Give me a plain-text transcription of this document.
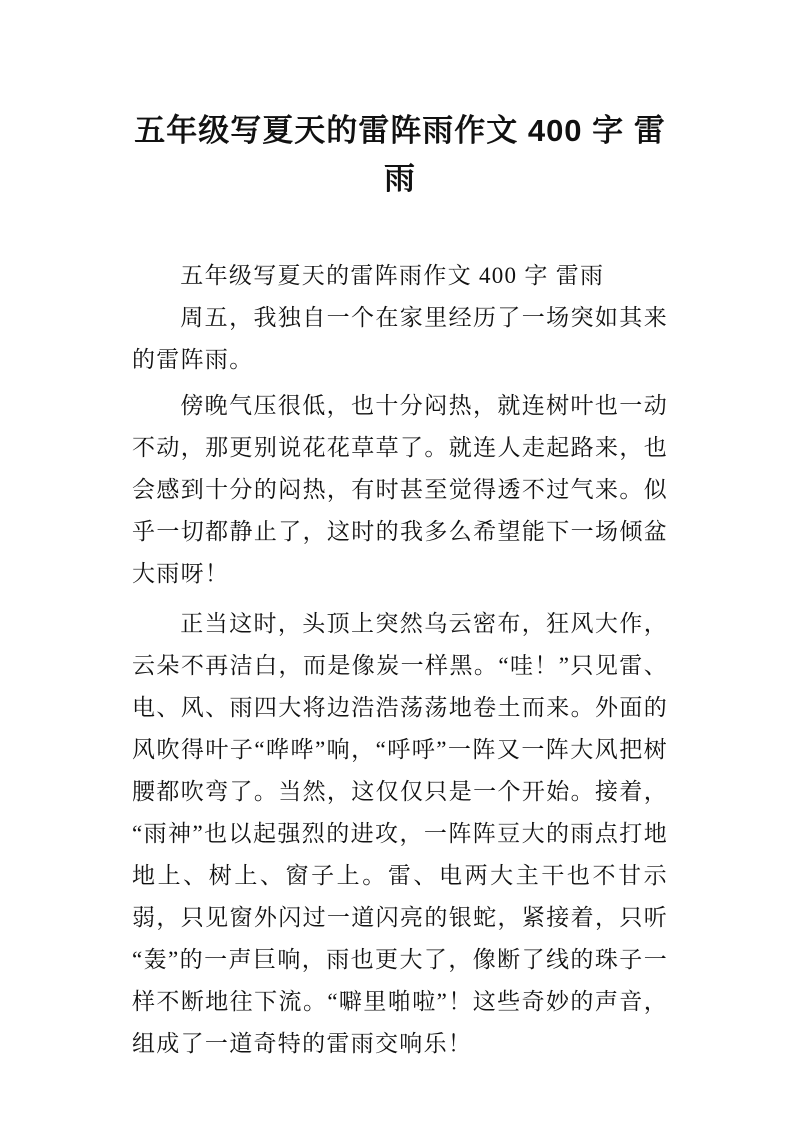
五年级写夏天的雷阵雨作文 400 字 雷
雨

五年级写夏天的雷阵雨作文 400 字 雷雨

周五，我独自一个在家里经历了一场突如其来的雷阵雨。

傍晚气压很低，也十分闷热，就连树叶也一动不动，那更别说花花草草了。就连人走起路来，也会感到十分的闷热，有时甚至觉得透不过气来。似乎一切都静止了，这时的我多么希望能下一场倾盆大雨呀！

正当这时，头顶上突然乌云密布，狂风大作，云朵不再洁白，而是像炭一样黑。“哇！”只见雷、电、风、雨四大将边浩浩荡荡地卷土而来。外面的风吹得叶子“哗哗”响，“呼呼”一阵又一阵大风把树腰都吹弯了。当然，这仅仅只是一个开始。接着，“雨神”也以起强烈的进攻，一阵阵豆大的雨点打地地上、树上、窗子上。雷、电两大主干也不甘示弱，只见窗外闪过一道闪亮的银蛇，紧接着，只听“轰”的一声巨响，雨也更大了，像断了线的珠子一样不断地往下流。“噼里啪啦”！这些奇妙的声音，组成了一道奇特的雷雨交响乐！
